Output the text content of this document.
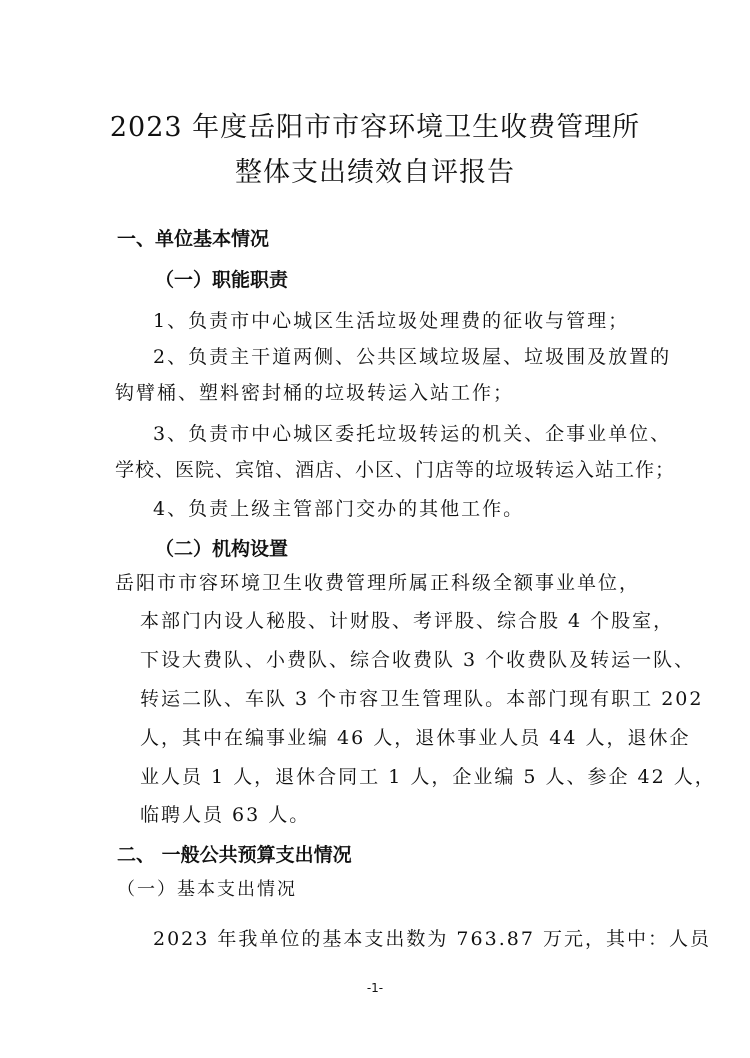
2023 年度岳阳市市容环境卫生收费管理所
整体支出绩效自评报告
一、单位基本情况
（一）职能职责
1、负责市中心城区生活垃圾处理费的征收与管理；
2、负责主干道两侧、公共区域垃圾屋、垃圾围及放置的
钩臂桶、塑料密封桶的垃圾转运入站工作；
3、负责市中心城区委托垃圾转运的机关、企事业单位、
学校、医院、宾馆、酒店、小区、门店等的垃圾转运入站工作；
4、负责上级主管部门交办的其他工作。
（二）机构设置
岳阳市市容环境卫生收费管理所属正科级全额事业单位，
本部门内设人秘股、计财股、考评股、综合股 4 个股室，
下设大费队、小费队、综合收费队 3 个收费队及转运一队、
转运二队、车队 3 个市容卫生管理队。本部门现有职工 202
人，其中在编事业编 46 人，退休事业人员 44 人，退休企
业人员 1 人，退休合同工 1 人，企业编 5 人、参企 42 人，
临聘人员 63 人。
二、 一般公共预算支出情况
（一）基本支出情况
2023 年我单位的基本支出数为 763.87 万元，其中：人员
-1-
